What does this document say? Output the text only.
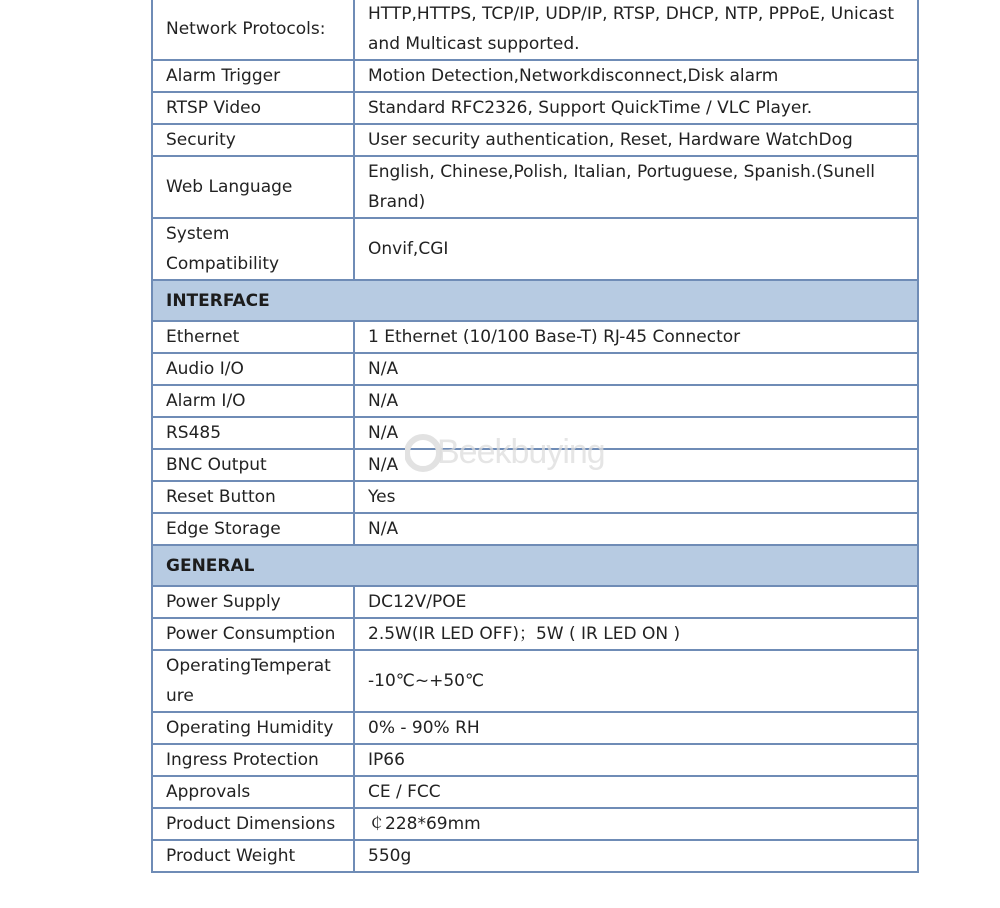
Network Protocols:	HTTP,HTTPS, TCP/IP, UDP/IP, RTSP, DHCP, NTP, PPPoE, Unicast and Multicast supported.
Alarm Trigger	Motion Detection,Networkdisconnect,Disk alarm
RTSP Video	Standard RFC2326, Support QuickTime / VLC Player.
Security	User security authentication, Reset, Hardware WatchDog
Web Language	English, Chinese,Polish, Italian, Portuguese, Spanish.(Sunell Brand)
System Compatibility	Onvif,CGI
INTERFACE	
Ethernet	1 Ethernet (10/100 Base-T) RJ-45 Connector
Audio I/O	N/A
Alarm I/O	N/A
RS485	N/A
BNC Output	N/A
Reset Button	Yes
Edge Storage	N/A
GENERAL	
Power Supply	DC12V/POE
Power Consumption	2.5W(IR LED OFF)；5W ( IR LED ON )
OperatingTemperature	-10℃~+50℃
Operating Humidity	0% - 90% RH
Ingress Protection	IP66
Approvals	CE / FCC
Product Dimensions	￠228*69mm
Product Weight	550g
Beekbuying
